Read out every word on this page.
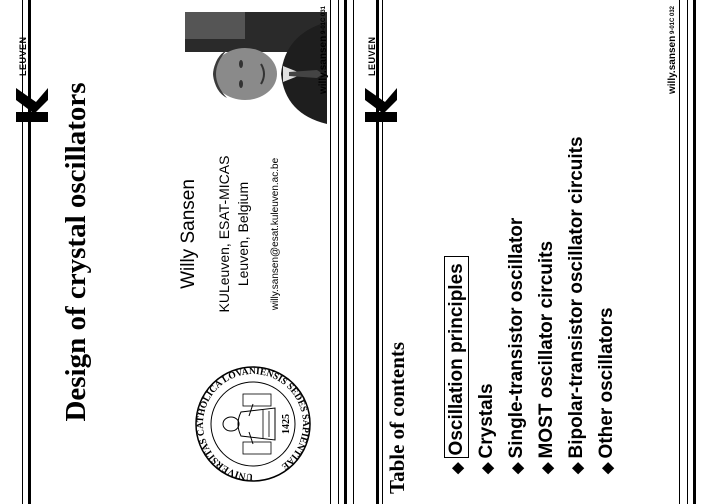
Design of crystal oscillators	Willy Sansen KULeuven, ESAT-MICAS Leuven, Belgium willy.sansen@esat.kuleuven.ac.be
UNIVERSITAS CATHOLICA LOVANIENSIS SEDES SAPIENTIAE
1425
willy.sansen
9-01C 031
LEUVEN
Table of contents	◆Oscillation principles
◆Crystals
◆Single-transistor oscillator
◆MOST oscillator circuits
◆Bipolar-transistor oscillator circuits
◆Other oscillators
willy.sansen
9-01C 032
LEUVEN
